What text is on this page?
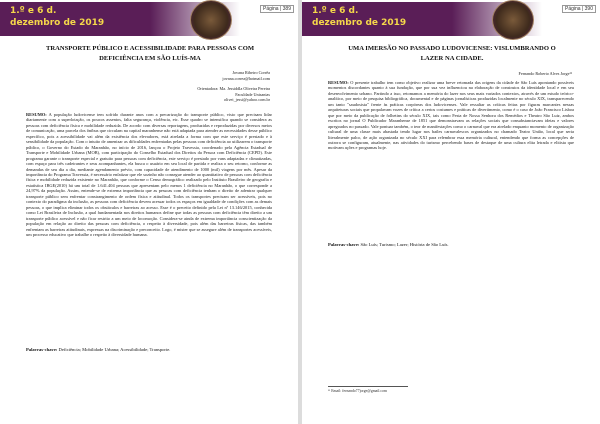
1.º e 6 d.
dezembro de 2019
Página | 389
TRANSPORTE PÚBLICO E ACESSIBILIDADE PARA PESSOAS COM DEFICIÊNCIA EM SÃO LUÍS-MA
Jovana Ribeiro Corrêa
jovana.correa@hotmail.com
Orientadora: Ma. Jessiddla Oliveira Pereira
Faculdade Unisanias
olivei_jessi@yahoo.com.br
RESUMO: A população ludovicense tem sofrido durante anos com a precarização do transporte público, visto que precisam lidar diariamente com a superlotação, os poucos assentos, falta segurança, violência, etc. Esse quadro se intensifica quando se considera as pessoas com deficiência física e mobilidade reduzida. De acordo com diversas reportagens, produzidas e reproduzidas por diversos meios de comunicação, uma parcela dos ônibus que circulam na capital maranhense não está adaptada para atender as necessidades desse público específico, pois a acessibilidade vai além da existência dos elevadores, está atrelada a forma com que este serviço é prestado e à sensibilidade da população. Com o intuito de amenizar as dificuldades enfrentadas pelas pessoas com deficiência ao utilizarem o transporte público, o Governo do Estado do Maranhão, no início de 2016, lançou o Projeto Travessia, coordenado pela Agência Estadual de Transporte e Mobilidade Urbana (MOB), com participação do Conselho Estadual dos Direitos da Pessoa com Deficiência (CEPD). Este programa garante o transporte especial e gratuito para pessoas com deficiência, este serviço é prestado por vans adaptadas e climatizadas, com espaço para três cadeirantes e seus acompanhantes, ela busca o usuário em seu local de partida e realiza o seu retorno, conforme as demandas de seu dia a dia, mediante agendamento prévio, com capacidade de atendimento de 1000 (mil) viagens por mês. Apesar da importância do Programa Travessia, é necessário enfatizar que ele sozinho não consegue atender ao quantitativo de pessoas com deficiência física e mobilidade reduzida existente no Maranhão, que conforme o Censo demográfico realizado pelo Instituto Brasileiro de geografia e estatística IBGE(2010) há um total de 1.641.404 pessoas que apresentam pelo menos 1 deficiência no Maranhão, o que corresponde a 24,97% da população. Assim, entende-se de extrema importância que as pessoas com deficiência tenham o direito de adentrar qualquer transporte público sem enfrentar constrangimento de ordem física e atitudinal. Todos os transportes precisam ser acessíveis, pois no contexto do paradigma da inclusão, as pessoas com deficiência devem acessar todos os espaços em igualdade de condições com as demais pessoas, o que implica eliminar todos os obstáculos e barreiras ao acesso. Esse é o preceito definido pela Lei nº 13.146/2015, conhecida como Lei Brasileira de Inclusão, a qual fundamentada nos direitos humanos define que todas as pessoas com deficiência têm direito a um transporte público acessível e não ficar restrito a um meio de locomoção. Considera-se ainda de extrema importância conscientização da população em relação ao direito das pessoas com deficiência, o respeito à diversidade, pois além das barreiras físicas, das também enfrentam as barreiras atitudinais, expressas na discriminação e preconceito. Logo, é mister que se assegure além de transportes acessíveis, um processo educativo que trabalhe o respeito à diversidade humana.
Palavras-chave: Deficiência; Mobilidade Urbana; Acessibilidade; Transporte.
1.º e 6 d.
dezembro de 2019
Página | 390
UMA IMERSÃO NO PASSADO LUDOVICENSE: VISLUMBRANDO O LAZER NA CIDADE.
Fernando Roberto Alves Jorge¹¹
RESUMO: O presente trabalho tem como objetivo realizar uma breve retomada das origens da cidade de São Luís apontando possíveis momentos discordantes quanto à sua fundação, que por sua vez influenciou na elaboração de construtos da identidade local e em seu desenvolvimento urbano. Partindo a isso, retomamos a memória do lazer nos seus mais variados contextos, através de um estudo teórico-analítico, por meio de pesquisa bibliográfica, documental e de páginas jornalísticas produzidas localmente no século XIX, transparecendo um tanto "saudosista" frente às práticas corpóreas dos ludovicenses. Vale ressaltar as críticas feitas por figuras marcantes nessas arquiteturas sociais que propalavam vozes de crítica a certos costumes e práticas de divertimento, como é o caso de João Francisco Lisboa que por meio da publicação de folhetins do século XIX, tais como Festa de Nossa Senhora dos Remédios e Theatro São Luiz, ambos escritos no jornal O Publicador Maranhense de 1851 que demonstravam as relações sociais que consubstanciavam ideias e valores apregoados no passado. Vale pontuar também, o teor de manifestações como o carnaval que era atrelado enquanto momento de organização cultural de uma classe mais abastada tendo lugar nos bailes carnavalescos organizados no chamado Teatro União, local que seria literalmente palco, de ação organizada no século XXI para relembrar essa memória cultural, entendendo que forma as concepções de outrora se configuram, atualmente, nas atividades do turismo percebendo bases de destaque de uma cultura elita letrada e elitista que motivam ações e programas hoje.
Palavras-chave: São Luís; Turismo; Lazer; História de São Luís.
¹¹ Email: fernando77jorge@gmail.com
